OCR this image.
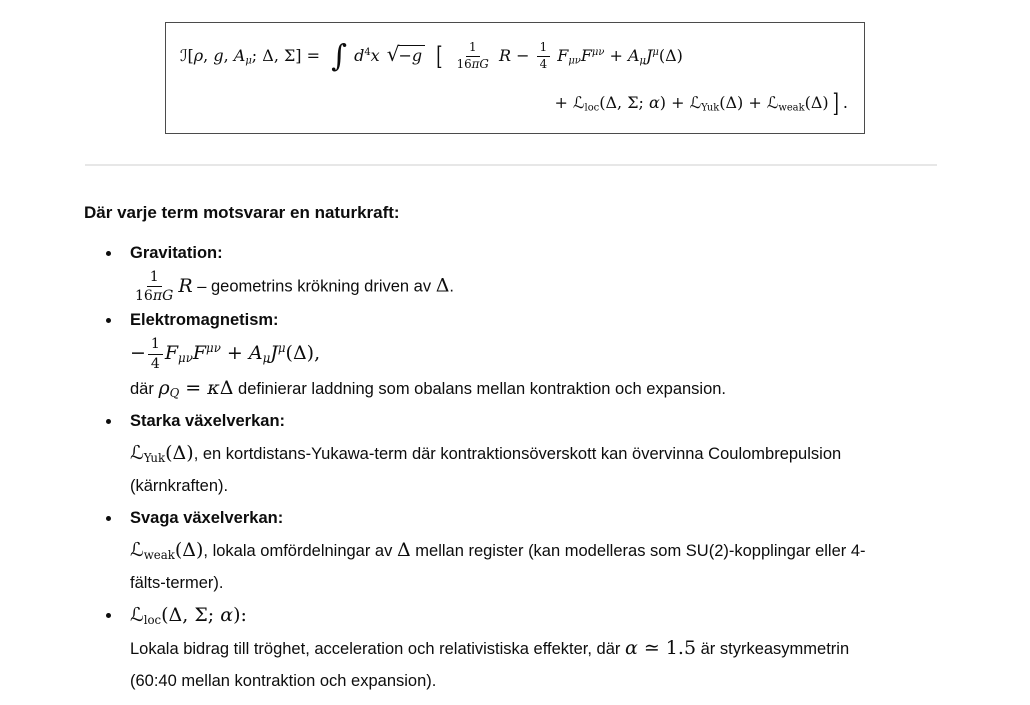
ℐ[ρ, g, $A_\mu$; Δ, Σ] = ∫ $d^4x$ √−g [ $\frac{1}{16\pi G}$ $R - \frac{1}{4} F_{\mu\nu}F^{\mu\nu} + A_\mu J^\mu(\Delta)$
+ ℒ$_{loc}$(Δ, Σ; α) + ℒ$_{Yuk}$(Δ) + ℒ$_{weak}$(Δ) ] .

Där varje term motsvarar en naturkraft:

Gravitation:
$\frac{1}{16\pi G}$ R – geometrins krökning driven av Δ.
Elektromagnetism:
− $\frac{1}{4} F_{\mu\nu}F^{\mu\nu} + A_\mu J^\mu(\Delta)$,
där $\rho_Q = \kappa\Delta$ definierar laddning som obalans mellan kontraktion och expansion.
Starka växelverkan:
ℒ$_{Yuk}$(Δ), en kortdistans-Yukawa-term där kontraktionsöverskott kan övervinna Coulombrepulsion
(kärnkraften).
Svaga växelverkan:
ℒ$_{weak}$(Δ), lokala omfördelningar av Δ mellan register (kan modelleras som SU(2)-kopplingar eller 4-
fälts-termer).
ℒ$_{loc}$(Δ, Σ; α):
Lokala bidrag till tröghet, acceleration och relativistiska effekter, där α ≃ 1.5 är styrkeasymmetrin
(60:40 mellan kontraktion och expansion).
